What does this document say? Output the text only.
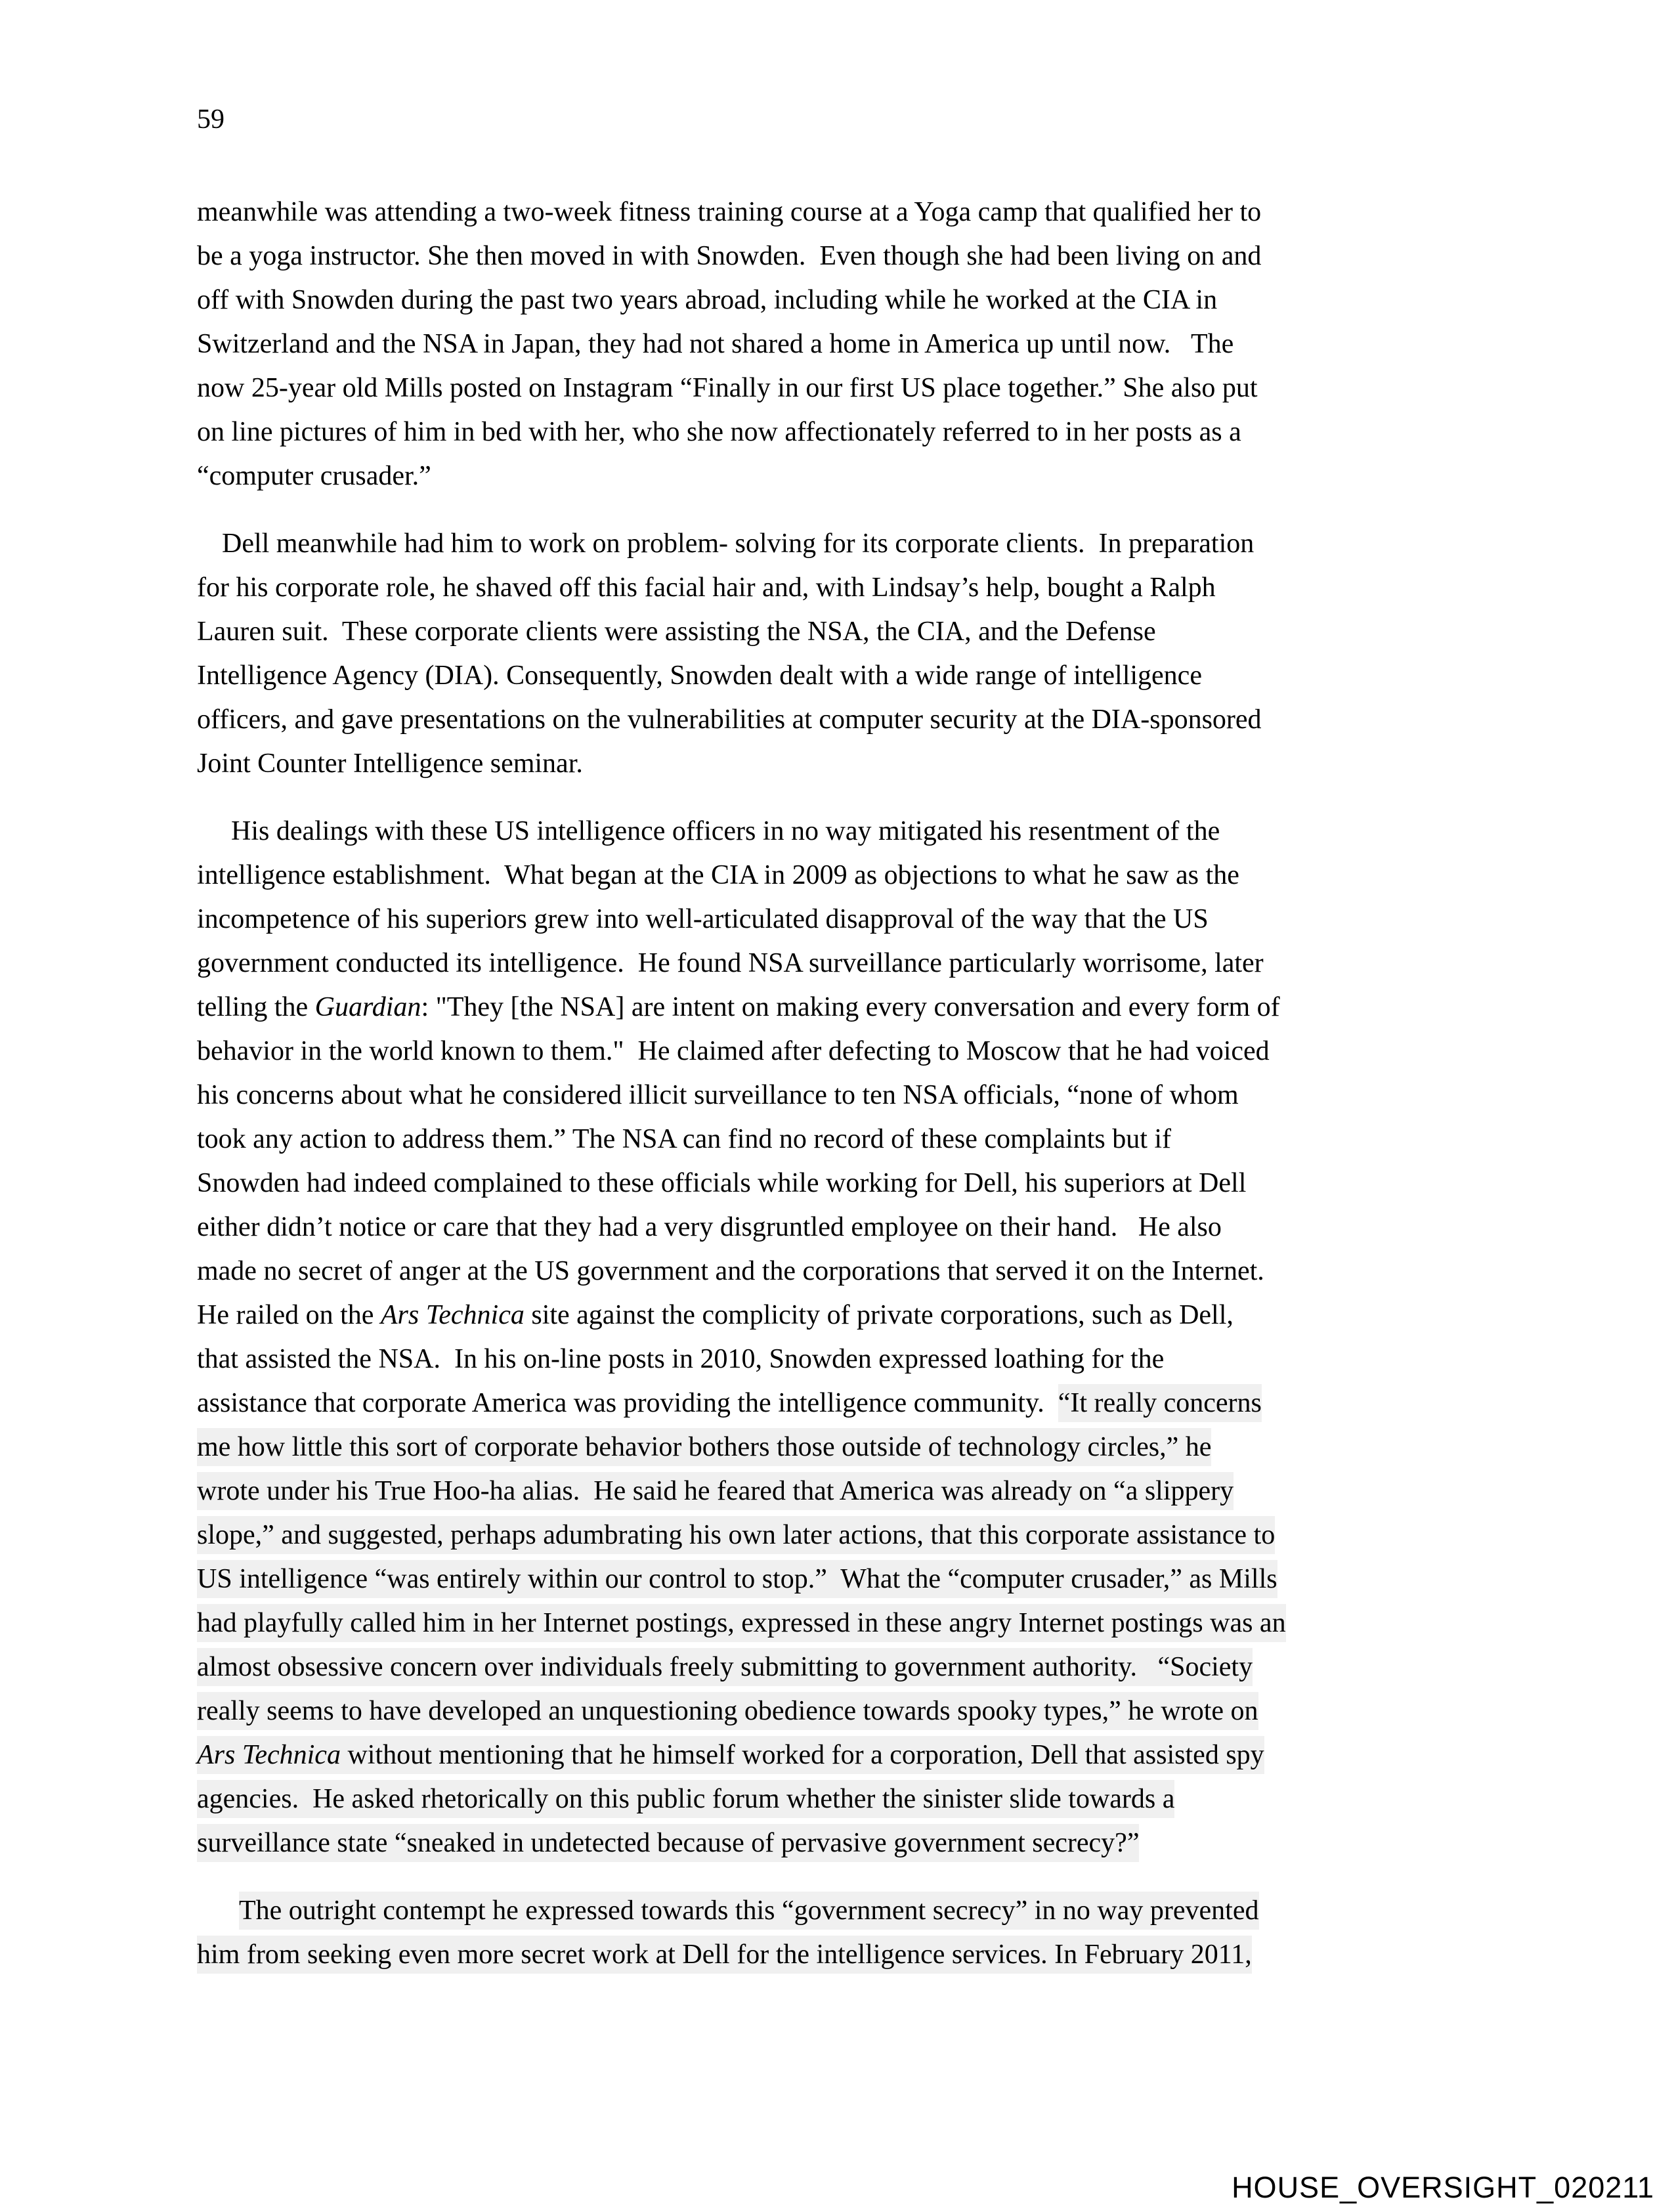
59
meanwhile was attending a two-week fitness training course at a Yoga camp that qualified her to
be a yoga instructor. She then moved in with Snowden.  Even though she had been living on and
off with Snowden during the past two years abroad, including while he worked at the CIA in
Switzerland and the NSA in Japan, they had not shared a home in America up until now.   The
now 25-year old Mills posted on Instagram “Finally in our first US place together.” She also put
on line pictures of him in bed with her, who she now affectionately referred to in her posts as a
“computer crusader.”
Dell meanwhile had him to work on problem- solving for its corporate clients.  In preparation
for his corporate role, he shaved off this facial hair and, with Lindsay’s help, bought a Ralph
Lauren suit.  These corporate clients were assisting the NSA, the CIA, and the Defense
Intelligence Agency (DIA). Consequently, Snowden dealt with a wide range of intelligence
officers, and gave presentations on the vulnerabilities at computer security at the DIA-sponsored
Joint Counter Intelligence seminar.
His dealings with these US intelligence officers in no way mitigated his resentment of the
intelligence establishment.  What began at the CIA in 2009 as objections to what he saw as the
incompetence of his superiors grew into well-articulated disapproval of the way that the US
government conducted its intelligence.  He found NSA surveillance particularly worrisome, later
telling the Guardian: "They [the NSA] are intent on making every conversation and every form of
behavior in the world known to them."  He claimed after defecting to Moscow that he had voiced
his concerns about what he considered illicit surveillance to ten NSA officials, “none of whom
took any action to address them.” The NSA can find no record of these complaints but if
Snowden had indeed complained to these officials while working for Dell, his superiors at Dell
either didn’t notice or care that they had a very disgruntled employee on their hand.   He also
made no secret of anger at the US government and the corporations that served it on the Internet.
He railed on the Ars Technica site against the complicity of private corporations, such as Dell,
that assisted the NSA.  In his on-line posts in 2010, Snowden expressed loathing for the
assistance that corporate America was providing the intelligence community.  “It really concerns
me how little this sort of corporate behavior bothers those outside of technology circles,” he
wrote under his True Hoo-ha alias.  He said he feared that America was already on “a slippery
slope,” and suggested, perhaps adumbrating his own later actions, that this corporate assistance to
US intelligence “was entirely within our control to stop.”  What the “computer crusader,” as Mills
had playfully called him in her Internet postings, expressed in these angry Internet postings was an
almost obsessive concern over individuals freely submitting to government authority.   “Society
really seems to have developed an unquestioning obedience towards spooky types,” he wrote on
Ars Technica without mentioning that he himself worked for a corporation, Dell that assisted spy
agencies.  He asked rhetorically on this public forum whether the sinister slide towards a
surveillance state “sneaked in undetected because of pervasive government secrecy?”
The outright contempt he expressed towards this “government secrecy” in no way prevented
him from seeking even more secret work at Dell for the intelligence services. In February 2011,
HOUSE_OVERSIGHT_020211
